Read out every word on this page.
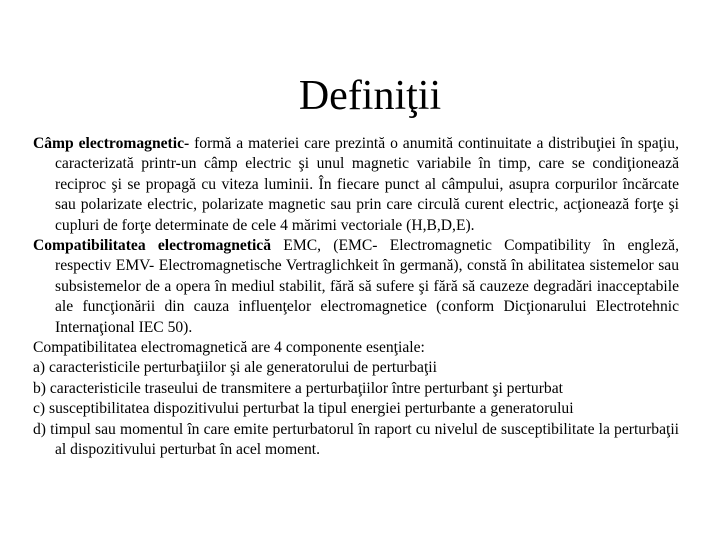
Definiţii

Câmp electromagnetic- formă a materiei care prezintă o anumită continuitate a distribuţiei în spaţiu, caracterizată printr-un câmp electric şi unul magnetic variabile în timp, care se condiţionează reciproc şi se propagă cu viteza luminii. În fiecare punct al câmpului, asupra corpurilor încărcate sau polarizate electric, polarizate magnetic sau prin care circulă curent electric, acţionează forţe şi cupluri de forţe determinate de cele 4 mărimi vectoriale (H,B,D,E).

Compatibilitatea electromagnetică EMC, (EMC- Electromagnetic Compatibility în engleză, respectiv EMV- Electromagnetische Vertraglichkeit în germană), constă în abilitatea sistemelor sau subsistemelor de a opera în mediul stabilit, fără să sufere şi fără să cauzeze degradări inacceptabile ale funcţionării din cauza influenţelor electromagnetice (conform Dicţionarului Electrotehnic Internaţional IEC 50).

Compatibilitatea electromagnetică are 4 componente esenţiale:

a) caracteristicile perturbaţiilor şi ale generatorului de perturbaţii

b) caracteristicile traseului de transmitere a perturbaţiilor între perturbant şi perturbat

c) susceptibilitatea dispozitivului perturbat la tipul energiei perturbante a generatorului

d) timpul sau momentul în care emite perturbatorul în raport cu nivelul de susceptibilitate la perturbaţii al dispozitivului perturbat în acel moment.
